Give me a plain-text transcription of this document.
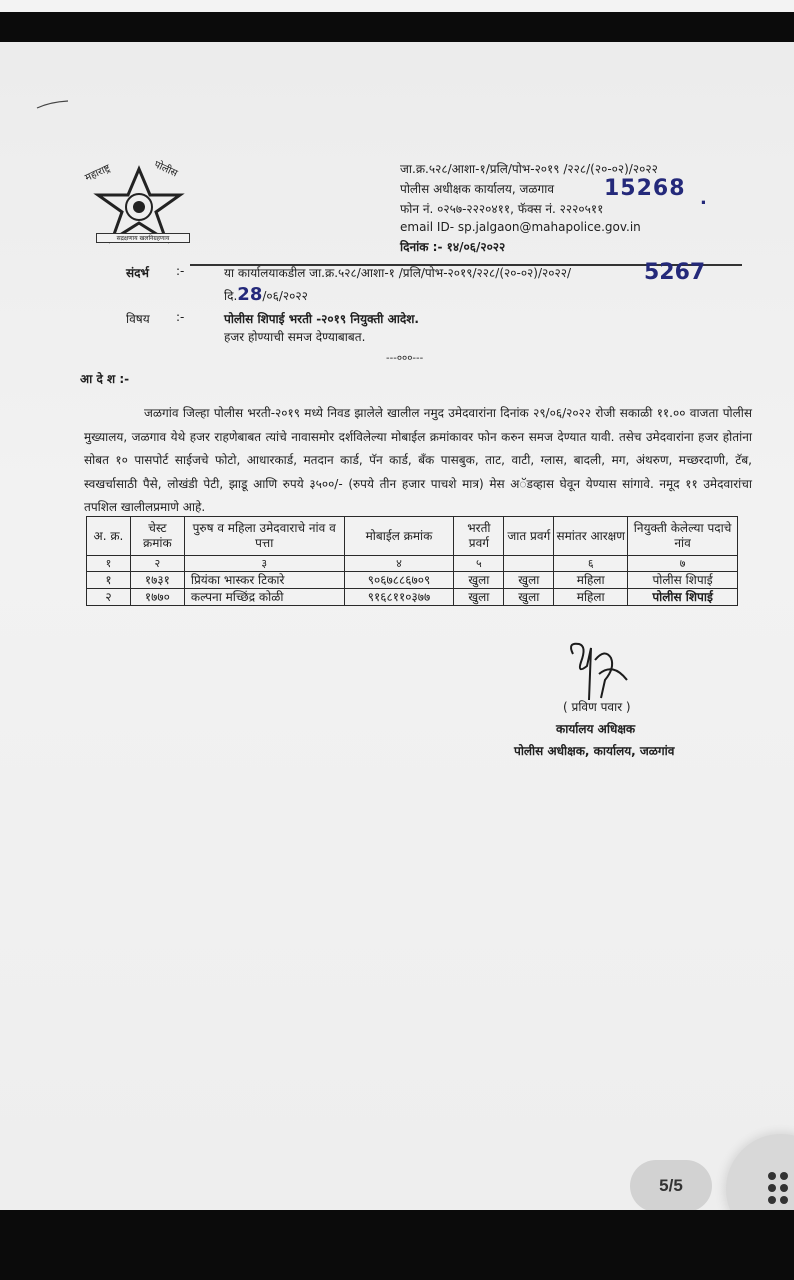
महाराष्ट्र	पोलीस
सद्रक्षणाय खलनिग्रहणाय
जा.क्र.५२८/आशा-१/प्रलि/पोभ-२०१९ /२२८/(२०-०२)/२०२२
पोलीस अधीक्षक कार्यालय, जळगाव
फोन नं. ०२५७-२२२०४११, फॅक्स नं. २२२०५११
email ID- sp.jalgaon@mahapolice.gov.in
दिनांक :- १४/०६/२०२२
15268 .
संदर्भ :-	या कार्यालयाकडील जा.क्र.५२८/आशा-१ /प्रलि/पोभ-२०१९/२२८/(२०-०२)/२०२२/	5267
दि.28/०६/२०२२
विषय :-	पोलीस शिपाई भरती -२०१९ नियुक्ती आदेश.
हजर होण्याची समज देण्याबाबत.
---०००---
आ दे श :-
जळगांव जिल्हा पोलीस भरती-२०१९ मध्ये निवड झालेले खालील नमुद उमेदवारांना दिनांक २९/०६/२०२२ रोजी सकाळी ११.०० वाजता पोलीस मुख्यालय, जळगाव येथे हजर राहणेबाबत त्यांचे नावासमोर दर्शविलेल्या मोबाईल क्रमांकावर फोन करुन समज देण्यात यावी. तसेच उमेदवारांना हजर होतांना सोबत १० पासपोर्ट साईजचे फोटो, आधारकार्ड, मतदान कार्ड, पॅन कार्ड, बँक पासबुक, ताट, वाटी, ग्लास, बादली, मग, अंथरुण, मच्छरदाणी, टॅब, स्वखर्चासाठी पैसे, लोखंडी पेटी, झाडू आणि रुपये ३५००/- (रुपये तीन हजार पाचशे मात्र) मेस अॅडव्हास घेवून येण्यास सांगावे. नमूद ११ उमेदवारांचा तपशिल खालीलप्रमाणे आहे.
अ. क्र.	चेस्ट क्रमांक	पुरुष व महिला उमेदवाराचे नांव व पत्ता	मोबाईल क्रमांक	भरती प्रवर्ग	जात प्रवर्ग	समांतर आरक्षण	नियुक्ती केलेल्या पदाचे नांव
१	२	३	४	५		६	७
१	१७३१	प्रियंका भास्कर टिकारे	९०६७८८६७०९	खुला	खुला	महिला	पोलीस शिपाई
२	१७७०	कल्पना मच्छिंद्र कोळी	९१६८११०३७७	खुला	खुला	महिला	पोलीस शिपाई
( प्रविण पवार )
कार्यालय अधिक्षक
पोलीस अधीक्षक, कार्यालय, जळगांव
5/5
